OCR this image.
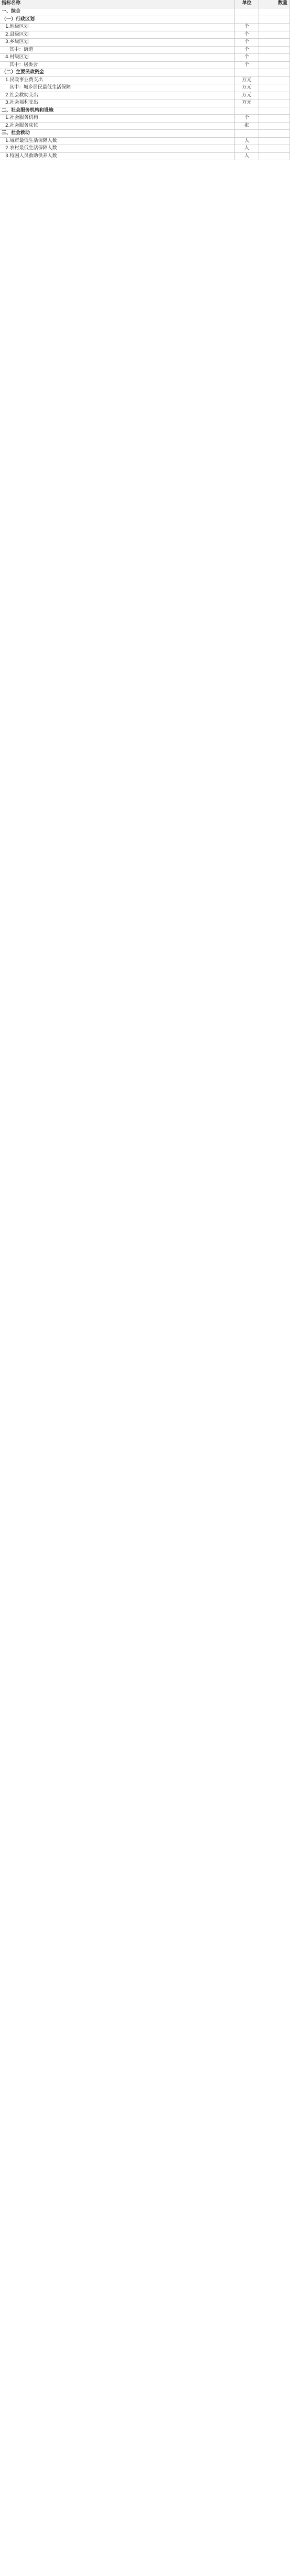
指标名称	单位	数量
一、综合
（一）行政区划
1.地级区划	个
2.县级区划	个
3.乡级区划	个
其中：街道	个
4.村级区划	个
其中：居委会	个
（二）主要民政资金
1.民政事业费支出	万元
其中：城乡居民最低生活保障	万元
2.社会救助支出	万元
3.社会福利支出	万元
二、社会服务机构和设施
1.社会服务机构	个
2.社会服务床位	张
三、社会救助
1.城市最低生活保障人数	人
2.农村最低生活保障人数	人
3.特困人员救助供养人数	人
